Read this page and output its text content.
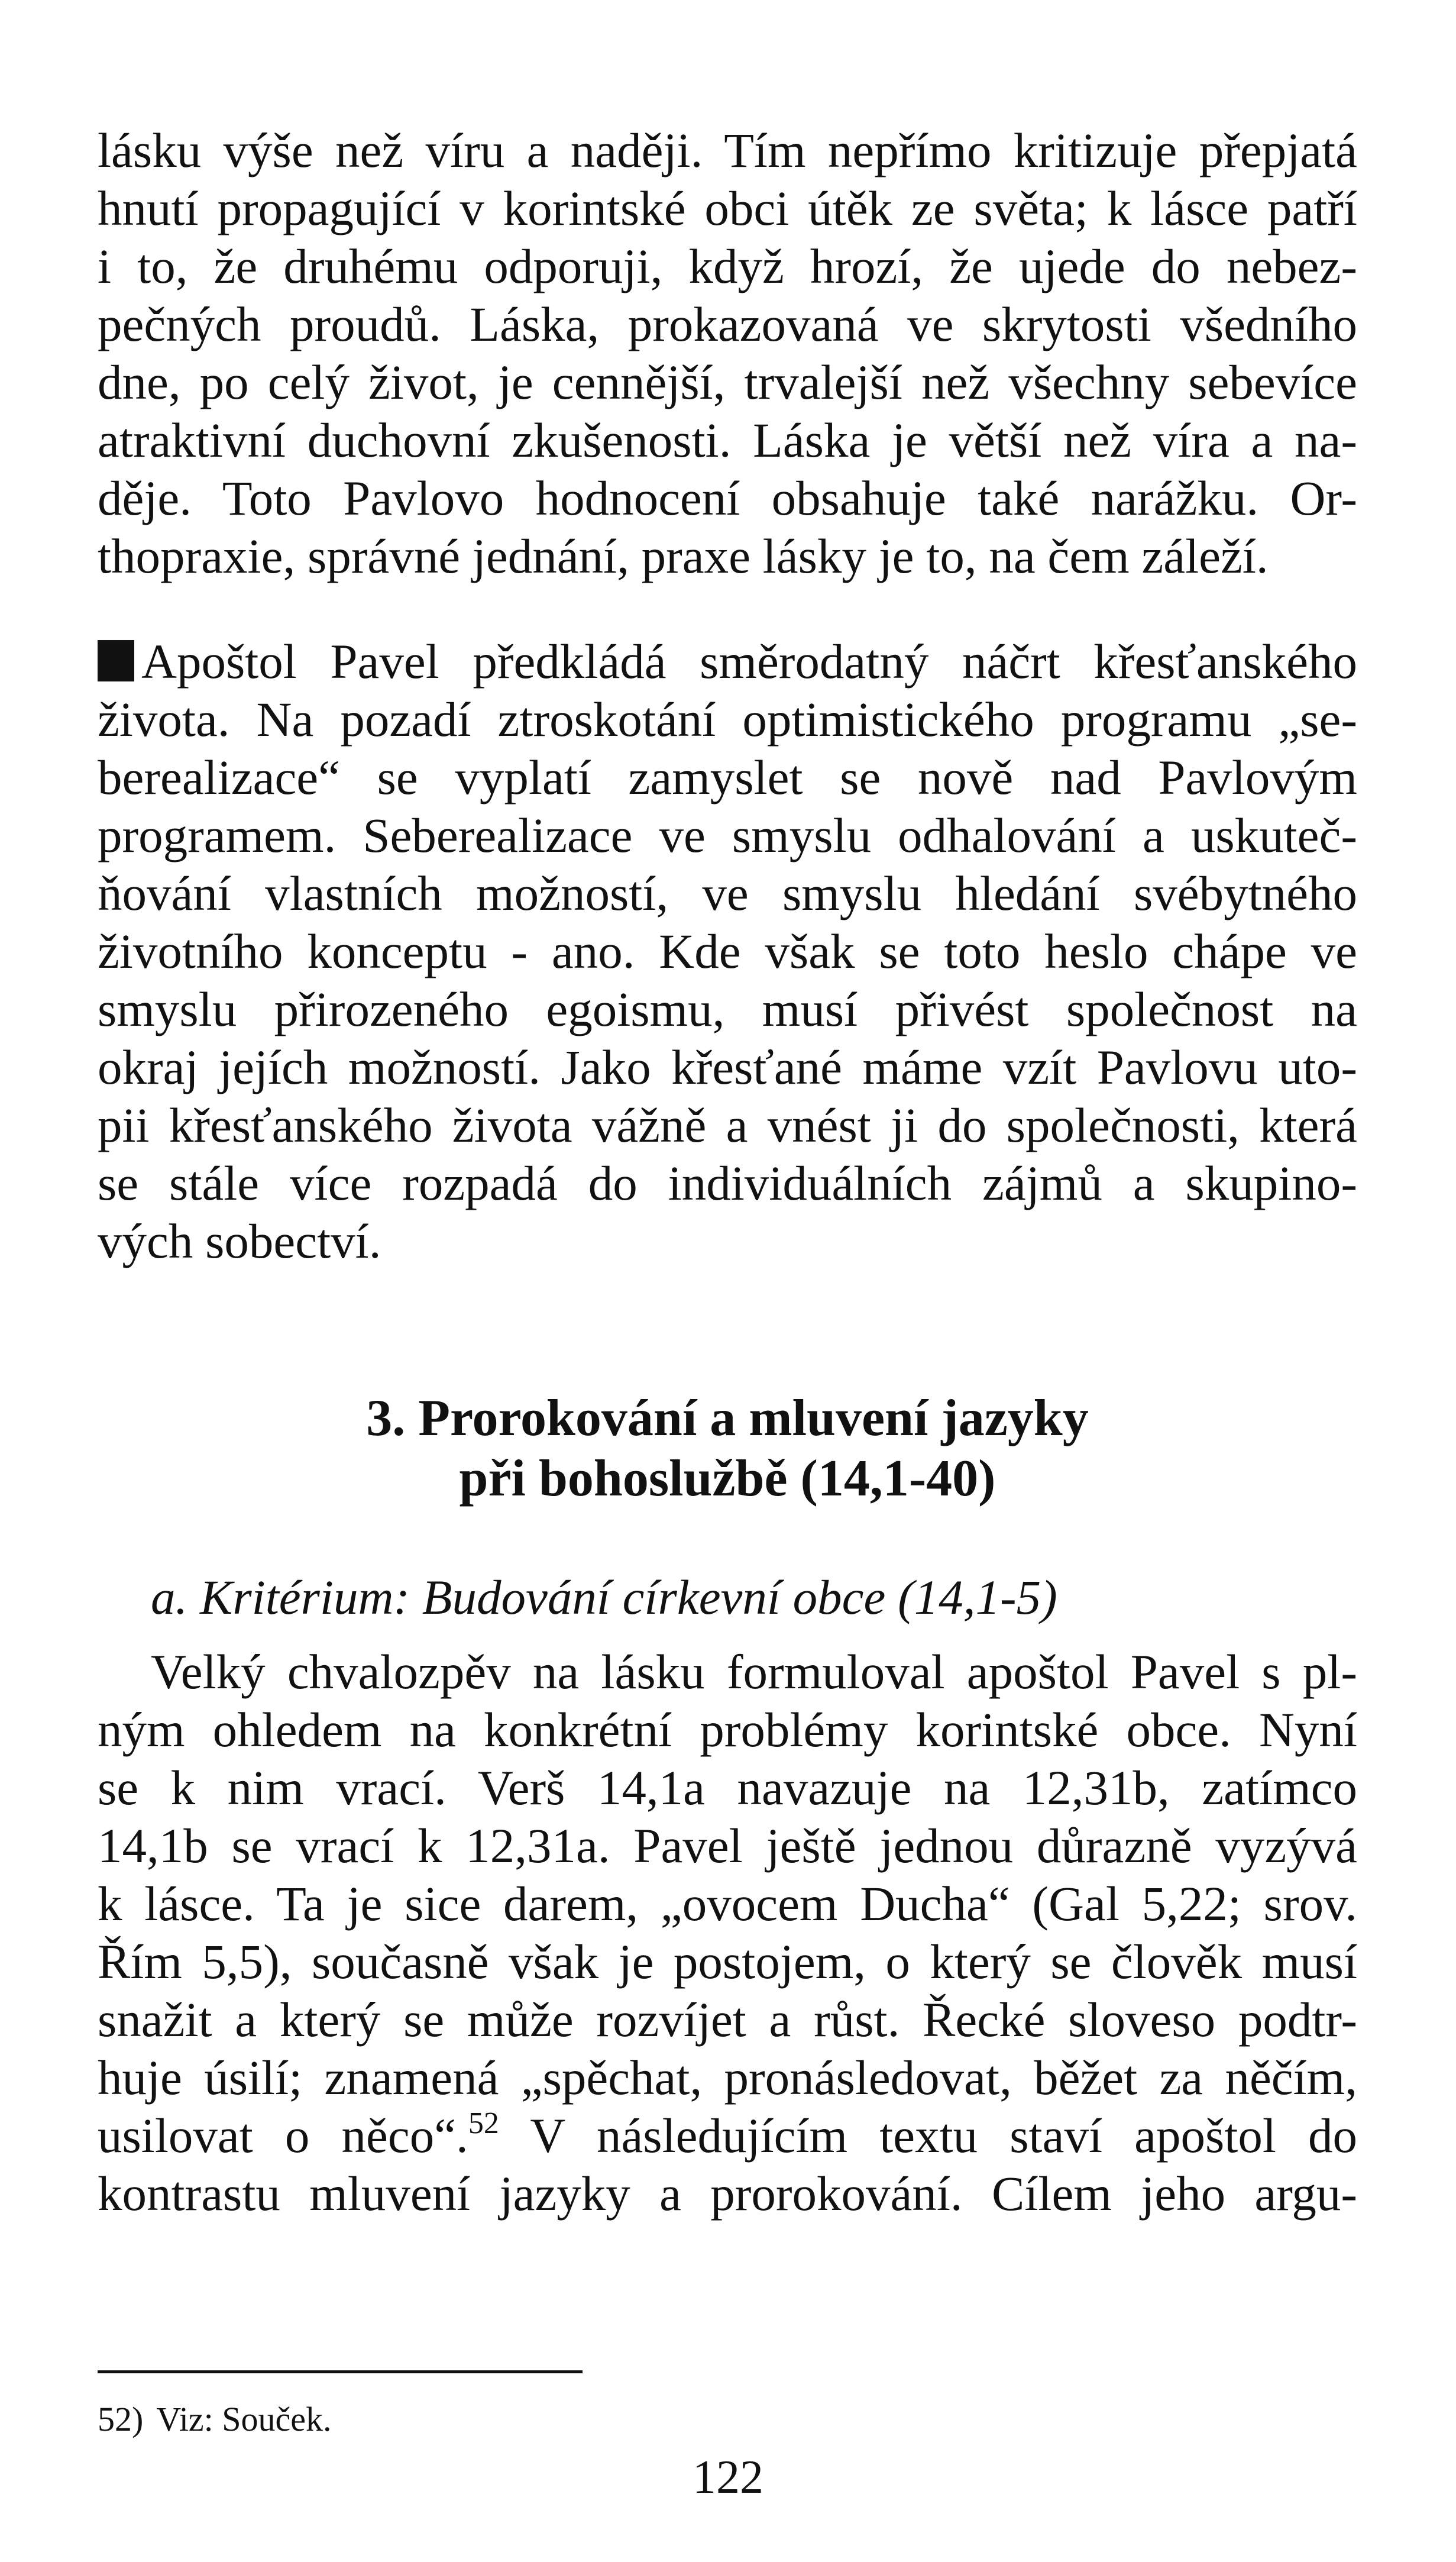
lásku výše než víru a naději. Tím nepřímo kritizuje přepjatá
hnutí propagující v korintské obci útěk ze světa; k lásce patří
i to, že druhému odporuji, když hrozí, že ujede do nebez-
pečných proudů. Láska, prokazovaná ve skrytosti všedního
dne, po celý život, je cennější, trvalejší než všechny sebevíce
atraktivní duchovní zkušenosti. Láska je větší než víra a na-
děje. Toto Pavlovo hodnocení obsahuje také narážku. Or-
thopraxie, správné jednání, praxe lásky je to, na čem záleží.

Apoštol Pavel předkládá směrodatný náčrt křesťanského
života. Na pozadí ztroskotání optimistického programu „se-
berealizace“ se vyplatí zamyslet se nově nad Pavlovým
programem. Seberealizace ve smyslu odhalování a uskuteč-
ňování vlastních možností, ve smyslu hledání svébytného
životního konceptu - ano. Kde však se toto heslo chápe ve
smyslu přirozeného egoismu, musí přivést společnost na
okraj jejích možností. Jako křesťané máme vzít Pavlovu uto-
pii křesťanského života vážně a vnést ji do společnosti, která
se stále více rozpadá do individuálních zájmů a skupino-
vých sobectví.

3. Prorokování a mluvení jazyky
při bohoslužbě (14,1-40)

a. Kritérium: Budování církevní obce (14,1-5)

Velký chvalozpěv na lásku formuloval apoštol Pavel s pl-
ným ohledem na konkrétní problémy korintské obce. Nyní
se k nim vrací. Verš 14,1a navazuje na 12,31b, zatímco
14,1b se vrací k 12,31a. Pavel ještě jednou důrazně vyzývá
k lásce. Ta je sice darem, „ovocem Ducha“ (Gal 5,22; srov.
Řím 5,5), současně však je postojem, o který se člověk musí
snažit a který se může rozvíjet a růst. Řecké sloveso podtr-
huje úsilí; znamená „spěchat, pronásledovat, běžet za něčím,
usilovat o něco“.$^{52}$ V následujícím textu staví apoštol do
kontrastu mluvení jazyky a prorokování. Cílem jeho argu-

52) Viz: Souček.
122
